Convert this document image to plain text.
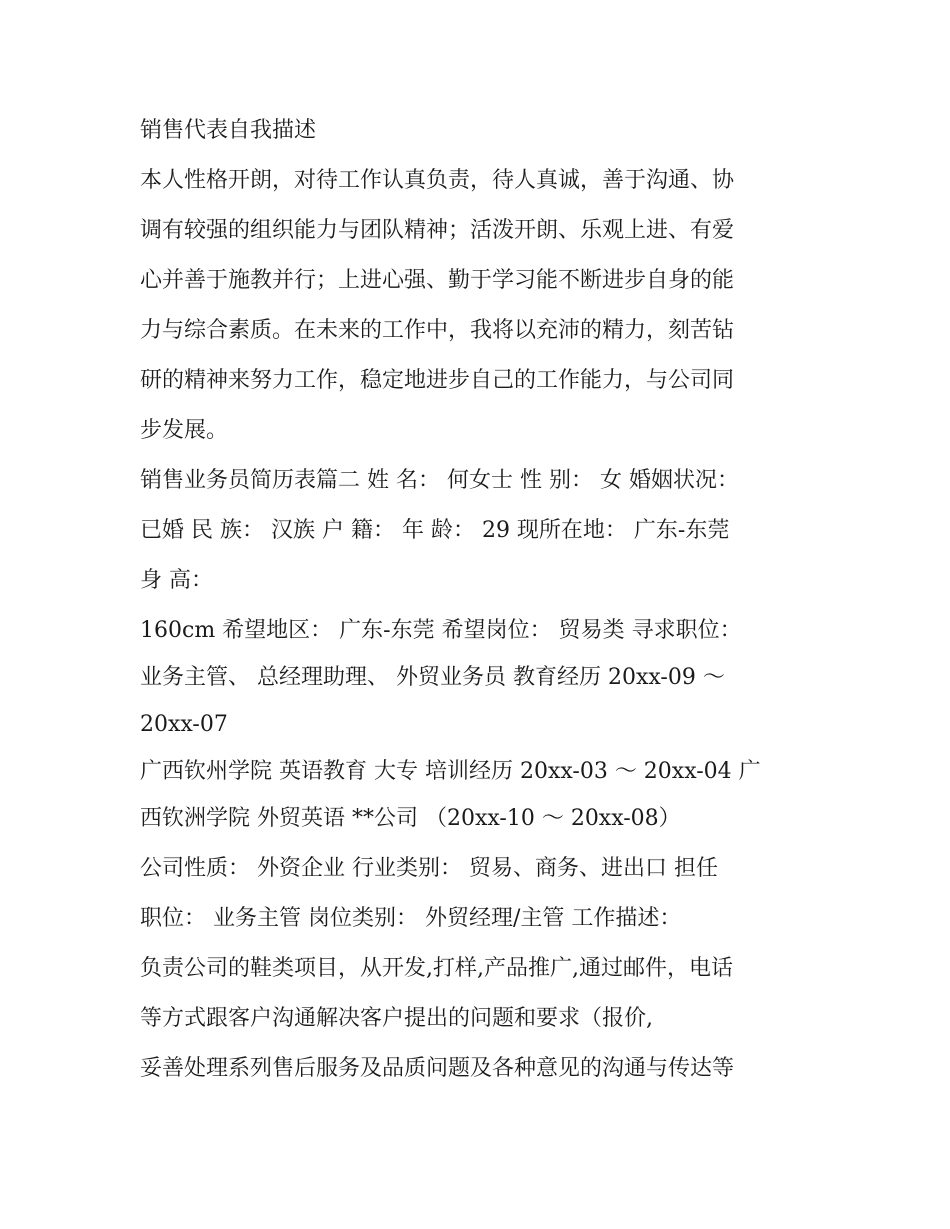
销售代表自我描述
本人性格开朗，对待工作认真负责，待人真诚，善于沟通、协
调有较强的组织能力与团队精神；活泼开朗、乐观上进、有爱
心并善于施教并行；上进心强、勤于学习能不断进步自身的能
力与综合素质。在未来的工作中，我将以充沛的精力，刻苦钻
研的精神来努力工作，稳定地进步自己的工作能力，与公司同
步发展。
销售业务员简历表篇二 姓 名： 何女士 性 别： 女 婚姻状况：
已婚 民 族： 汉族 户 籍： 年 龄： 29 现所在地： 广东-东莞
身 高：
160cm 希望地区： 广东-东莞 希望岗位： 贸易类 寻求职位：
业务主管、 总经理助理、 外贸业务员 教育经历 20xx-09 ～
20xx-07
广西钦州学院 英语教育 大专 培训经历 20xx-03 ～ 20xx-04 广
西钦洲学院 外贸英语 **公司 （20xx-10 ～ 20xx-08）
公司性质： 外资企业 行业类别： 贸易、商务、进出口 担任
职位： 业务主管 岗位类别： 外贸经理/主管 工作描述：
负责公司的鞋类项目，从开发,打样,产品推广,通过邮件，电话
等方式跟客户沟通解决客户提出的问题和要求（报价,
妥善处理系列售后服务及品质问题及各种意见的沟通与传达等
